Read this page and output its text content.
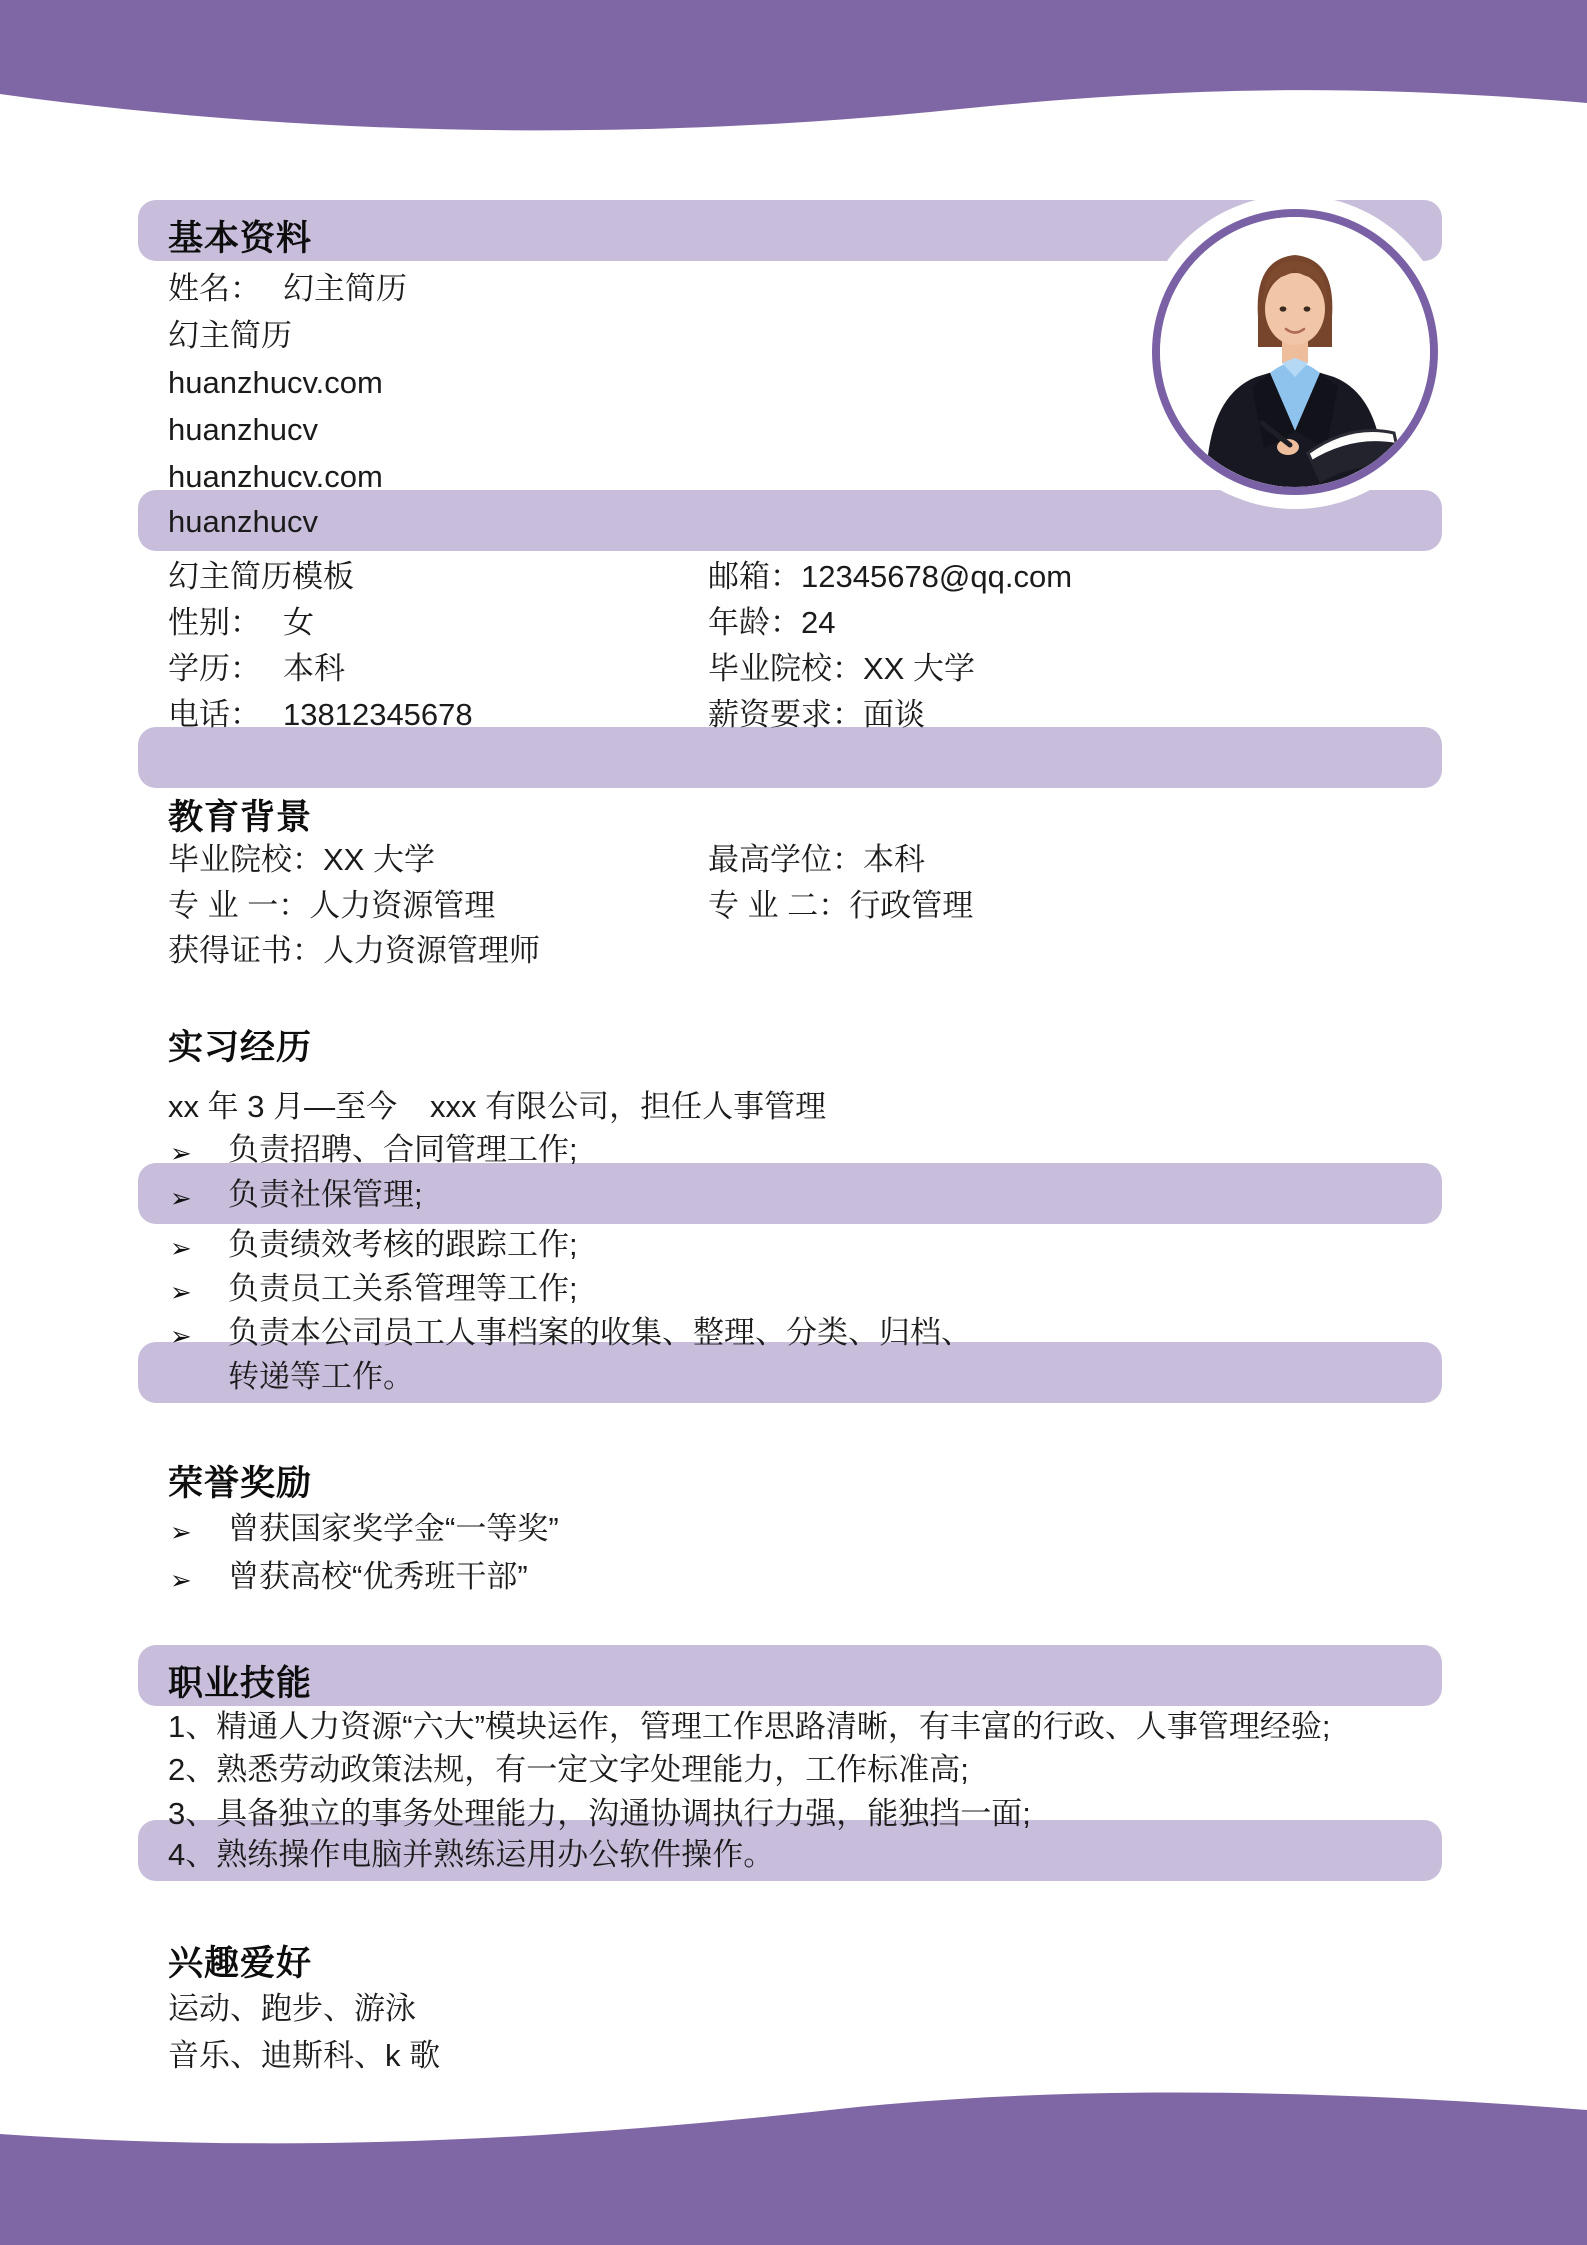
基本资料
姓名： 幻主简历
幻主简历
huanzhucv.com
huanzhucv
huanzhucv.com
huanzhucv
幻主简历模板	邮箱：12345678@qq.com
性别： 女	年龄：24
学历： 本科	毕业院校：XX 大学
电话： 13812345678	薪资要求：面谈
教育背景
毕业院校：XX 大学	最高学位：本科
专 业 一：人力资源管理	专 业 二：行政管理
获得证书：人力资源管理师
实习经历
xx 年 3 月—至今 xxx 有限公司，担任人事管理
➢ 负责招聘、合同管理工作;
➢ 负责社保管理;
➢ 负责绩效考核的跟踪工作;
➢ 负责员工关系管理等工作;
➢ 负责本公司员工人事档案的收集、整理、分类、归档、
转递等工作。
荣誉奖励
➢ 曾获国家奖学金“一等奖”
➢ 曾获高校“优秀班干部”
职业技能
1、精通人力资源“六大”模块运作，管理工作思路清晰，有丰富的行政、人事管理经验;
2、熟悉劳动政策法规，有一定文字处理能力，工作标准高;
3、具备独立的事务处理能力，沟通协调执行力强，能独挡一面;
4、熟练操作电脑并熟练运用办公软件操作。
兴趣爱好
运动、跑步、游泳
音乐、迪斯科、k 歌
